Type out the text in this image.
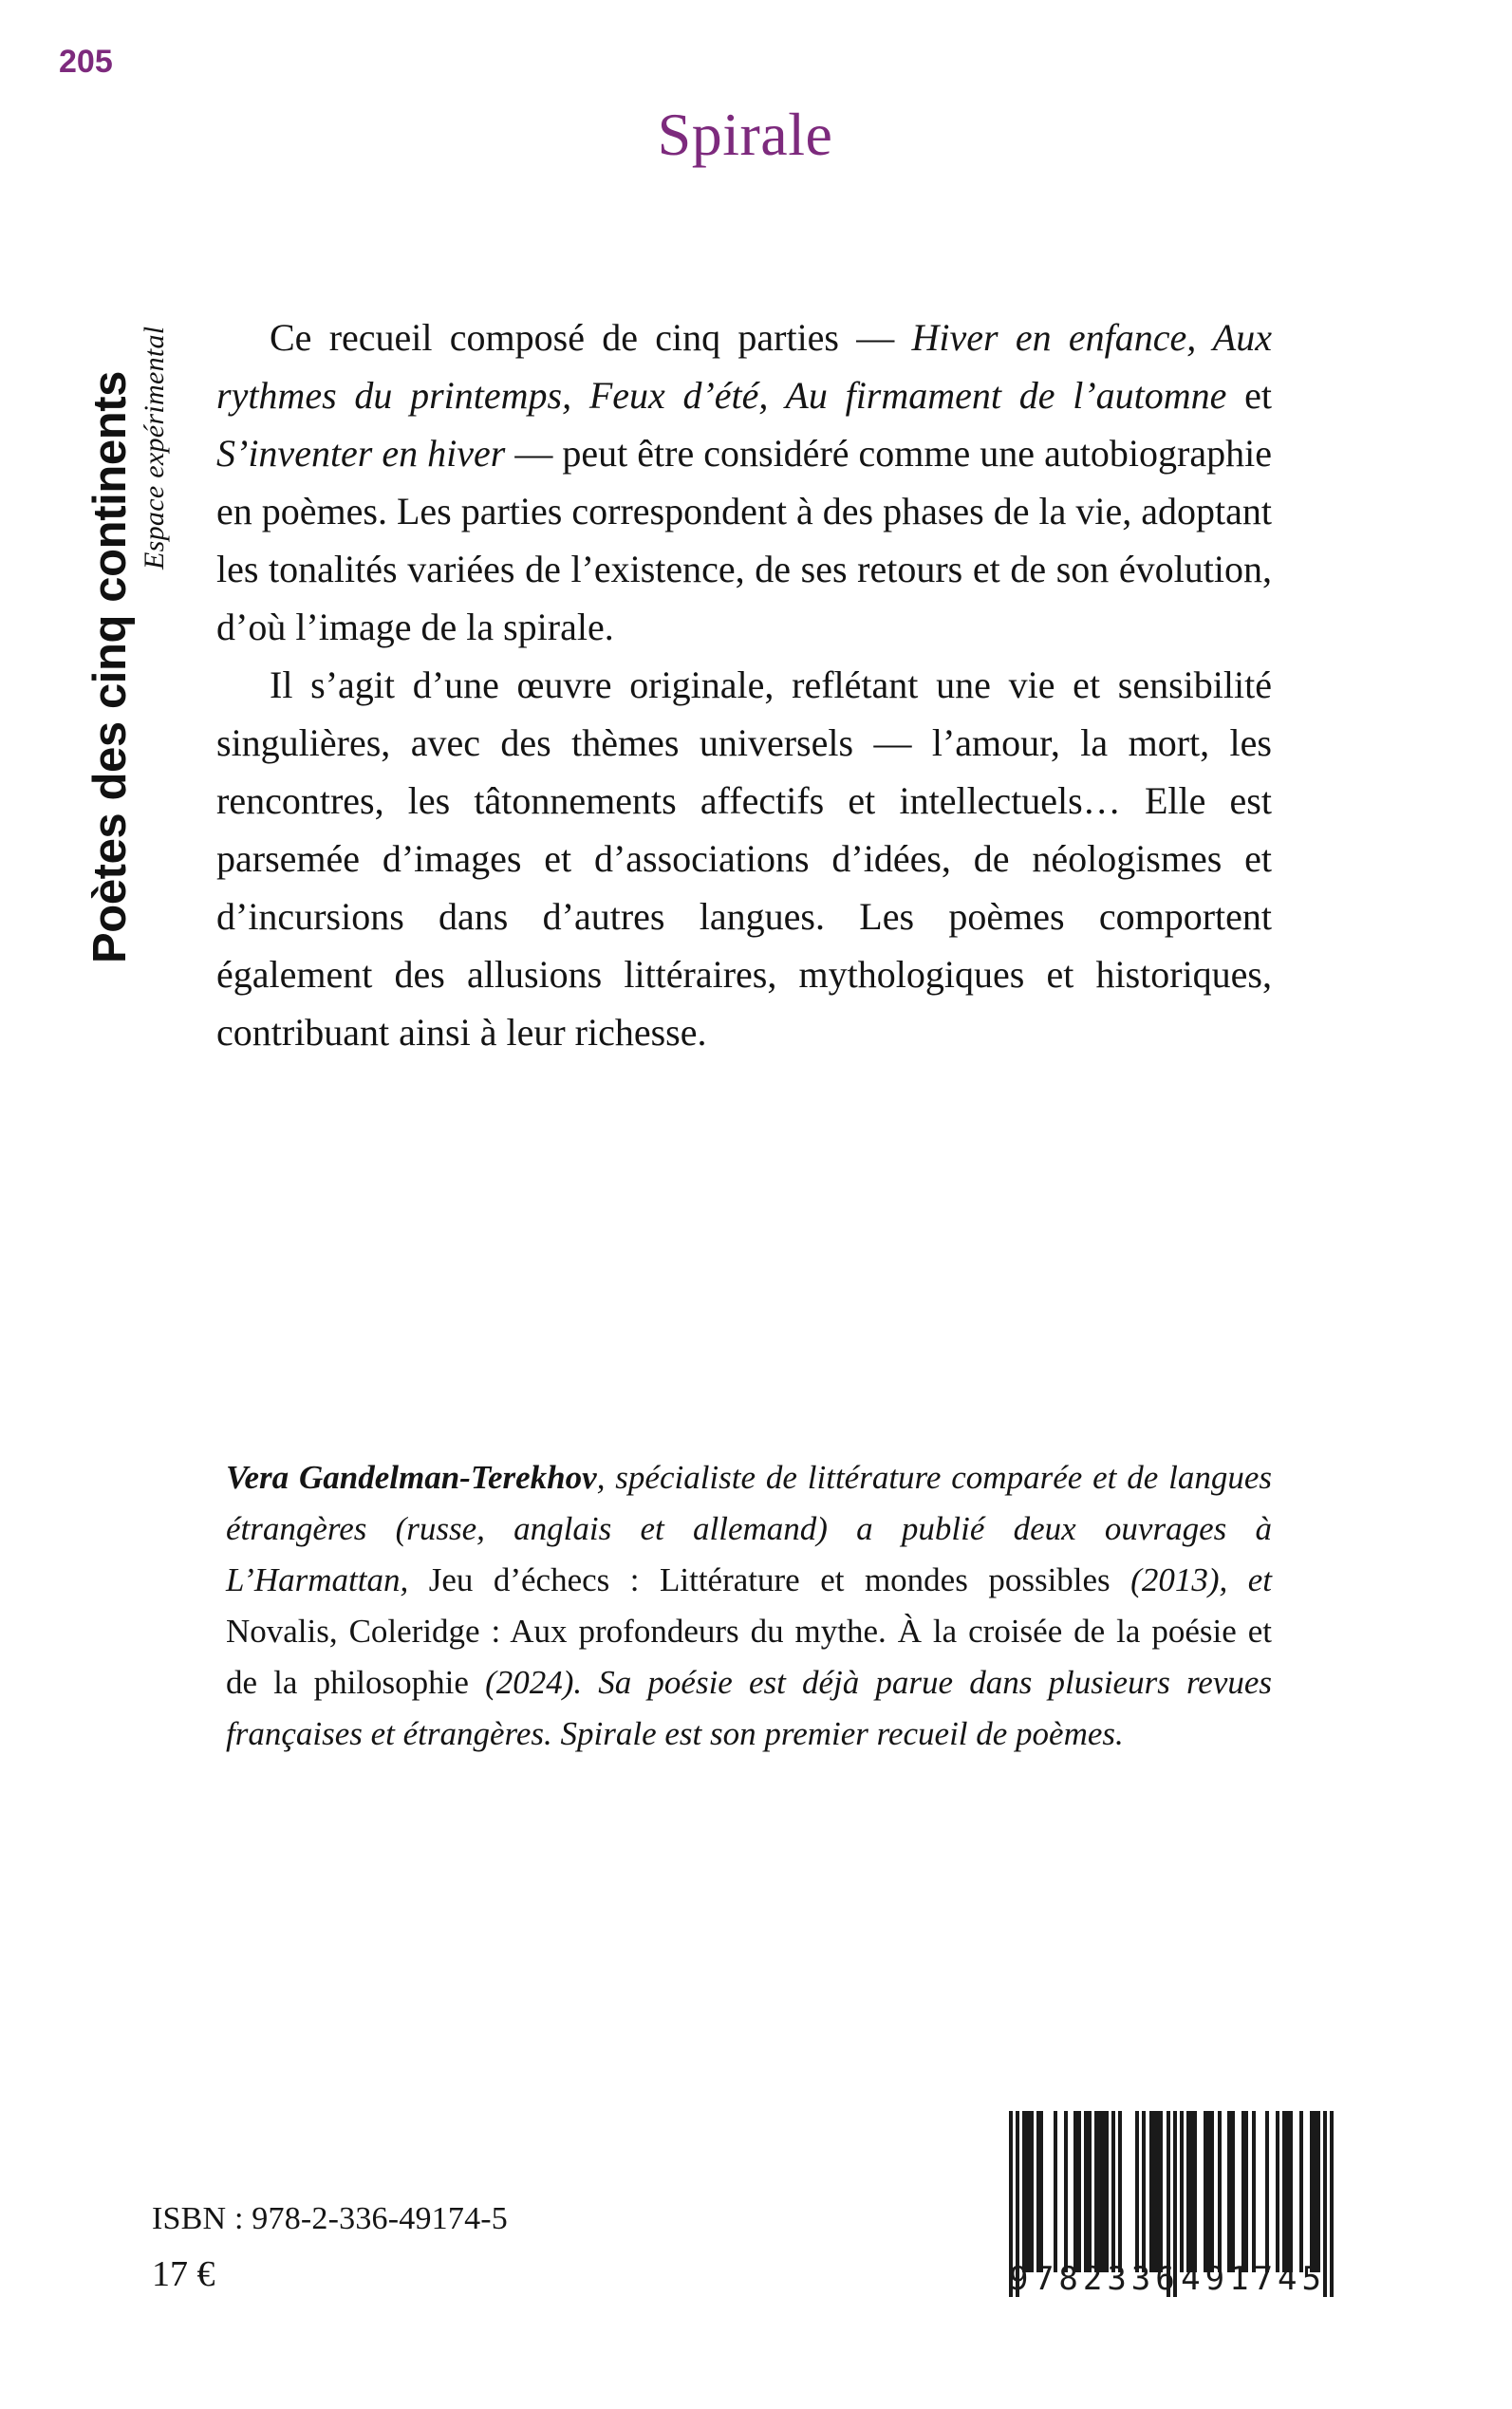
205
Poètes des cinq continents Espace expérimental
Spirale

Ce recueil composé de cinq parties — Hiver en enfance, Aux rythmes du printemps, Feux d’été, Au firmament de l’automne et S’inventer en hiver — peut être considéré comme une autobiographie en poèmes. Les parties correspondent à des phases de la vie, adoptant les tonalités variées de l’existence, de ses retours et de son évolution, d’où l’image de la spirale.

Il s’agit d’une œuvre originale, reflétant une vie et sensibilité singulières, avec des thèmes universels — l’amour, la mort, les rencontres, les tâtonnements affectifs et intellectuels… Elle est parsemée d’images et d’associations d’idées, de néologismes et d’incursions dans d’autres langues. Les poèmes comportent également des allusions littéraires, mythologiques et historiques, contribuant ainsi à leur richesse.

Vera Gandelman-Terekhov, spécialiste de littérature comparée et de langues étrangères (russe, anglais et allemand) a publié deux ouvrages à L’Harmattan, Jeu d’échecs : Littérature et mondes possibles (2013), et Novalis, Coleridge : Aux profondeurs du mythe. À la croisée de la poésie et de la philosophie (2024). Sa poésie est déjà parue dans plusieurs revues françaises et étrangères. Spirale est son premier recueil de poèmes.

ISBN : 978-2-336-49174-5
17 €	9 782336 491745
